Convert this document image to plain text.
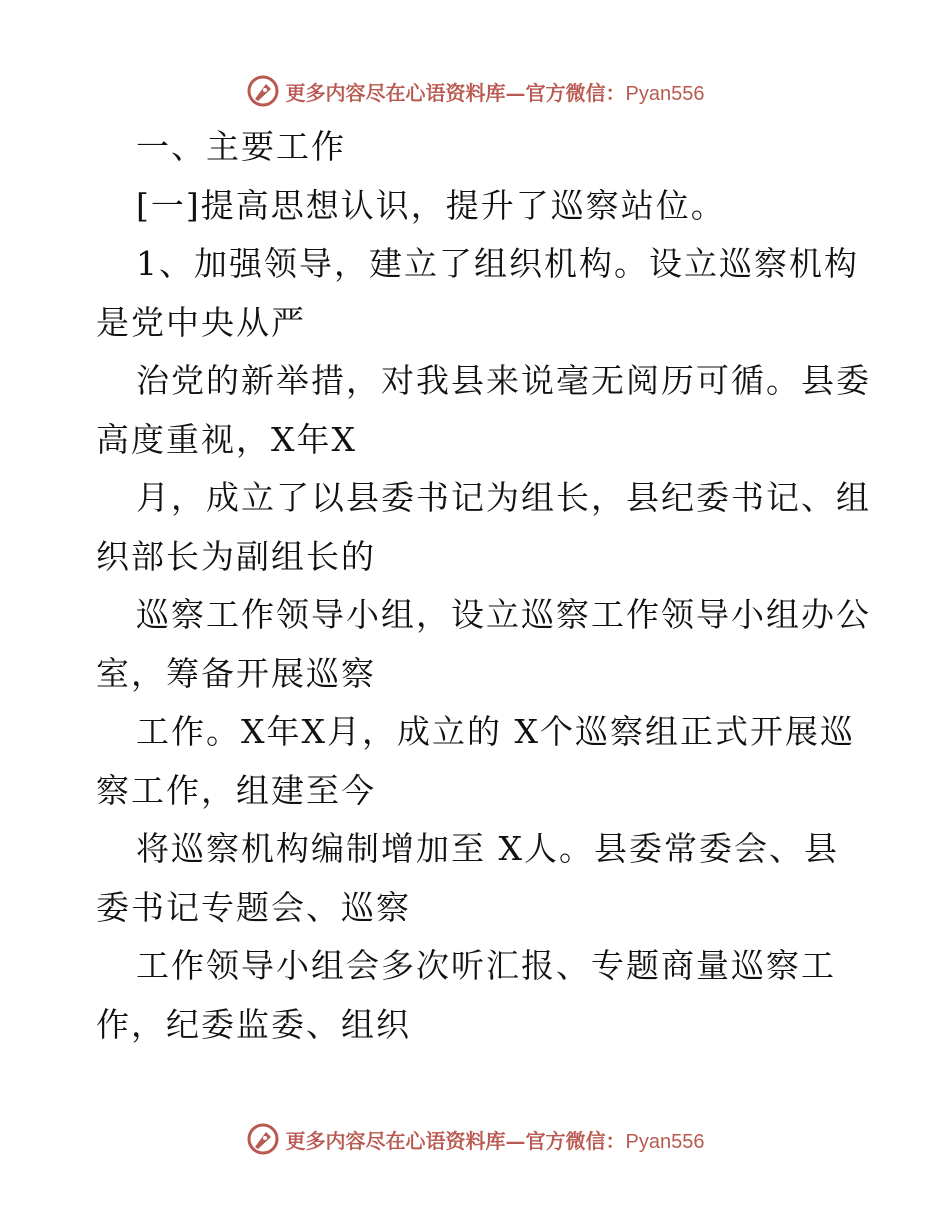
更多内容尽在心语资料库—官方微信：Pyan556
一、主要工作
[一]提高思想认识，提升了巡察站位。
1、加强领导，建立了组织机构。设立巡察机构
是党中央从严
治党的新举措，对我县来说毫无阅历可循。县委
高度重视，X年X
月，成立了以县委书记为组长，县纪委书记、组
织部长为副组长的
巡察工作领导小组，设立巡察工作领导小组办公
室，筹备开展巡察
工作。X年X月，成立的 X个巡察组正式开展巡
察工作，组建至今
将巡察机构编制增加至 X人。县委常委会、县
委书记专题会、巡察
工作领导小组会多次听汇报、专题商量巡察工
作，纪委监委、组织
更多内容尽在心语资料库—官方微信：Pyan556
